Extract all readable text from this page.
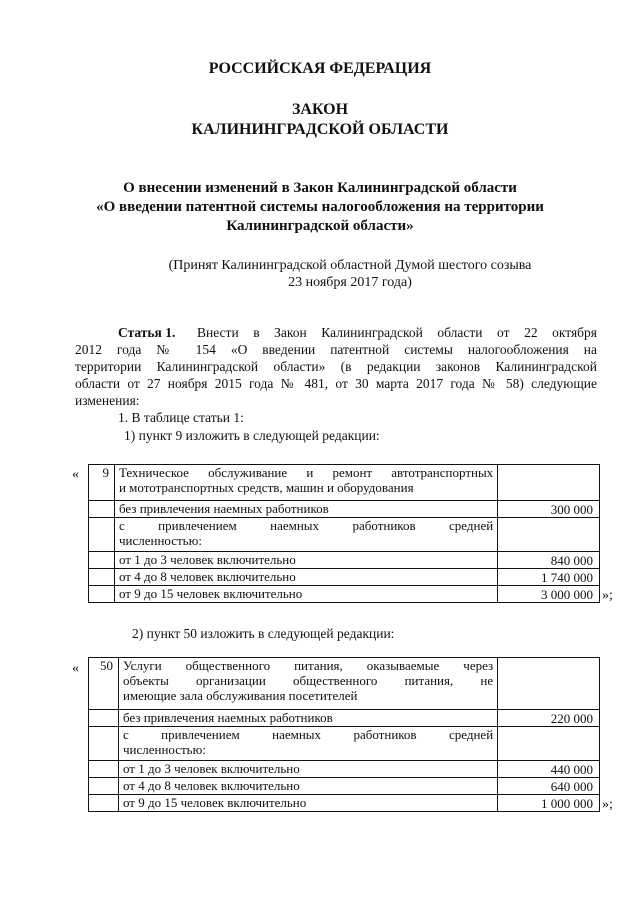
РОССИЙСКАЯ ФЕДЕРАЦИЯ
ЗАКОН
КАЛИНИНГРАДСКОЙ ОБЛАСТИ
О внесении изменений в Закон Калининградской области
«О введении патентной системы налогообложения на территории
Калининградской области»
(Принят Калининградской областной Думой шестого созыва
23 ноября 2017 года)
Статья 1. Внести в Закон Калининградской области от 22 октября
2012 года № 154 «О введении патентной системы налогообложения на
территории Калининградской области» (в редакции законов Калининградской
области от 27 ноября 2015 года № 481, от 30 марта 2017 года № 58) следующие
изменения:
1. В таблице статьи 1:
1) пункт 9 изложить в следующей редакции:
« 9	Техническое обслуживание и ремонт автотранспортных
и мототранспортных средств, машин и оборудования	

	без привлечения наемных работников	300 000

	с привлечением наемных работников средней
численностью:	

	от 1 до 3 человек включительно	840 000
	от 4 до 8 человек включительно	1 740 000
	от 9 до 15 человек включительно	3 000 000 »;
2) пункт 50 изложить в следующей редакции:
« 50	Услуги общественного питания, оказываемые через
объекты организации общественного питания, не
имеющие зала обслуживания посетителей	

	без привлечения наемных работников	220 000

	с привлечением наемных работников средней
численностью:	

	от 1 до 3 человек включительно	440 000
	от 4 до 8 человек включительно	640 000
	от 9 до 15 человек включительно	1 000 000 »;
